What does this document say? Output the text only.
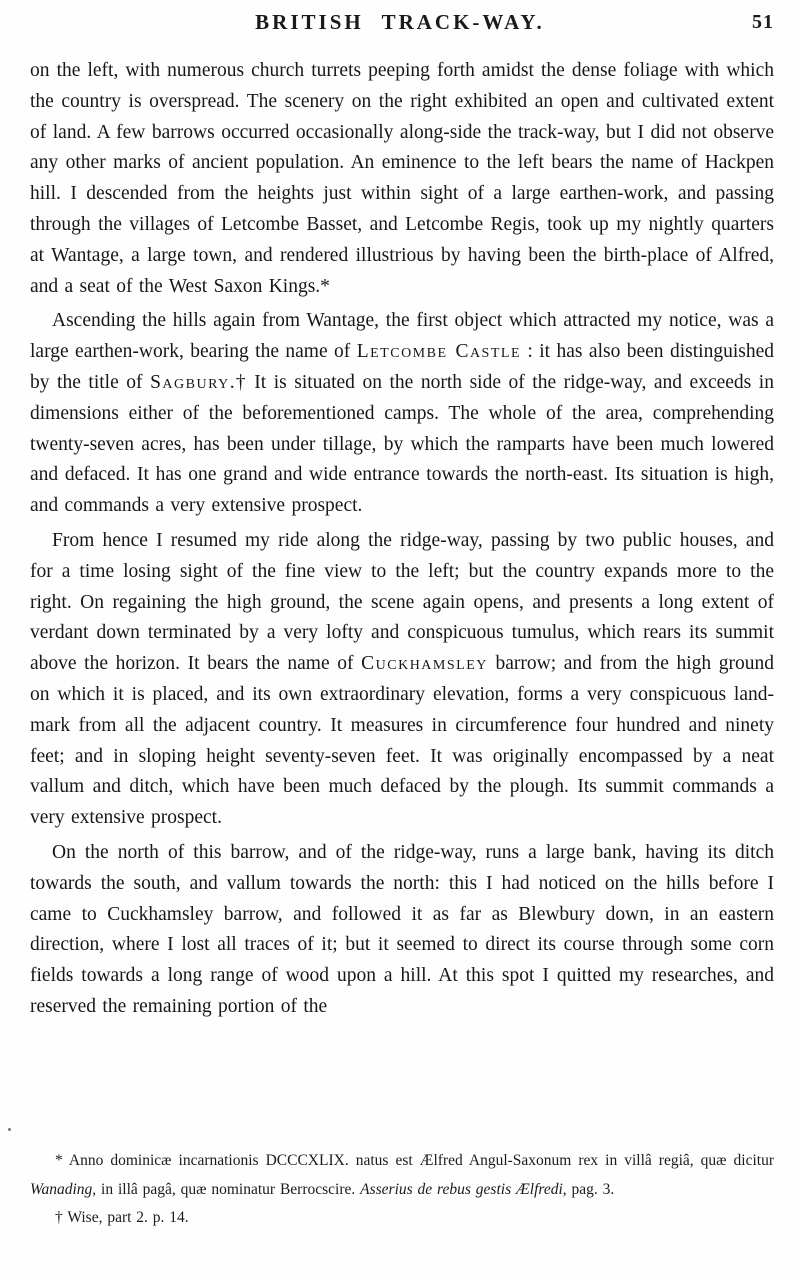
BRITISH TRACK-WAY.	51

on the left, with numerous church turrets peeping forth amidst the dense foliage with which the country is overspread. The scenery on the right exhibited an open and cultivated extent of land. A few barrows occurred occasionally along-side the track-way, but I did not observe any other marks of ancient population. An eminence to the left bears the name of Hackpen hill. I descended from the heights just within sight of a large earthen-work, and passing through the villages of Letcombe Basset, and Letcombe Regis, took up my nightly quarters at Wantage, a large town, and rendered illustrious by having been the birth-place of Alfred, and a seat of the West Saxon Kings.*

Ascending the hills again from Wantage, the first object which attracted my notice, was a large earthen-work, bearing the name of Letcombe Castle : it has also been distinguished by the title of Sagbury.† It is situated on the north side of the ridge-way, and exceeds in dimensions either of the beforementioned camps. The whole of the area, comprehending twenty-seven acres, has been under tillage, by which the ramparts have been much lowered and defaced. It has one grand and wide entrance towards the north-east. Its situation is high, and commands a very extensive prospect.

From hence I resumed my ride along the ridge-way, passing by two public houses, and for a time losing sight of the fine view to the left; but the country expands more to the right. On regaining the high ground, the scene again opens, and presents a long extent of verdant down terminated by a very lofty and conspicuous tumulus, which rears its summit above the horizon. It bears the name of Cuckhamsley barrow; and from the high ground on which it is placed, and its own extraordinary elevation, forms a very conspicuous land-mark from all the adjacent country. It measures in circumference four hundred and ninety feet; and in sloping height seventy-seven feet. It was originally encompassed by a neat vallum and ditch, which have been much defaced by the plough. Its summit commands a very extensive prospect.

On the north of this barrow, and of the ridge-way, runs a large bank, having its ditch towards the south, and vallum towards the north: this I had noticed on the hills before I came to Cuckhamsley barrow, and followed it as far as Blewbury down, in an eastern direction, where I lost all traces of it; but it seemed to direct its course through some corn fields towards a long range of wood upon a hill. At this spot I quitted my researches, and reserved the remaining portion of the

* Anno dominicæ incarnationis DCCCXLIX. natus est Ælfred Angul-Saxonum rex in villâ regiâ, quæ dicitur Wanading, in illâ pagâ, quæ nominatur Berrocscire. Asserius de rebus gestis Ælfredi, pag. 3.

† Wise, part 2. p. 14.
